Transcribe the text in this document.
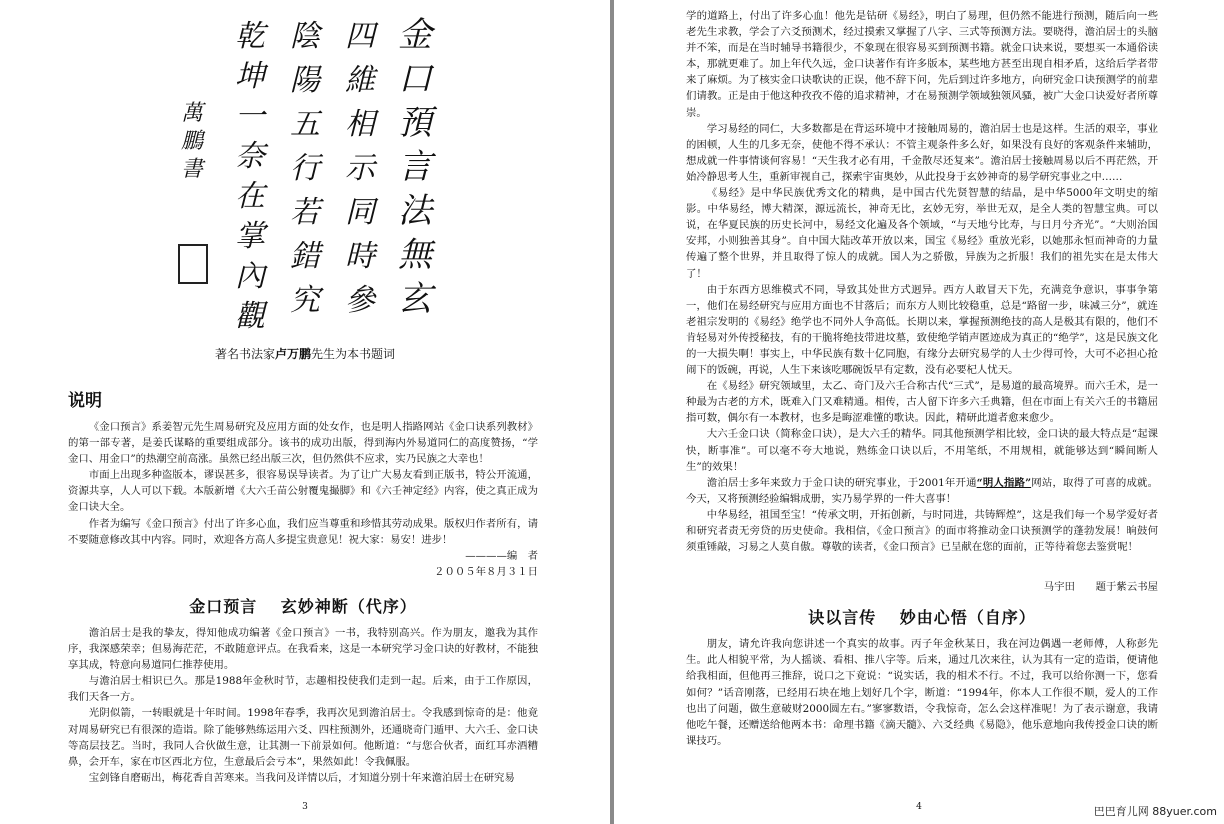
金
口
預
言
法
無
玄
四
維
相
示
同
時
參
陰
陽
五
行
若
錯
究
乾
坤
一
奈
在
掌
內
觀
萬
鵬
書
著名书法家卢万鹏先生为本书题词
说明

《金口预言》系姜智元先生周易研究及应用方面的处女作，也是明人指路网站《金口诀系列教材》的第一部专著，是姜氏谋略的重要组成部分。该书的成功出版，得到海内外易道同仁的高度赞扬，“学金口、用金口”的热潮空前高涨。虽然已经出版三次，但仍然供不应求，实乃民族之大幸也！

市面上出现多种盗版本，谬误甚多，很容易误导读者。为了让广大易友看到正版书，特公开流通，资源共享，人人可以下载。本版新增《大六壬苗公射覆鬼撮脚》和《六壬神定经》内容，使之真正成为金口诀大全。

作者为编写《金口预言》付出了许多心血，我们应当尊重和珍惜其劳动成果。版权归作者所有，请不要随意修改其中内容。同时，欢迎各方高人多提宝贵意见！祝大家：易安！进步！

————编　者

２００５年８月３１日

金口预言　 玄妙神断（代序）

澹泊居士是我的挚友，得知他成功编著《金口预言》一书，我特别高兴。作为朋友，邀我为其作序，我深感荣幸；但易海茫茫，不敢随意评点。在我看来，这是一本研究学习金口诀的好教材，不能独享其成，特意向易道同仁推荐使用。

与澹泊居士相识已久。那是1988年金秋时节，志趣相投使我们走到一起。后来，由于工作原因，我们天各一方。

光阴似箭，一转眼就是十年时间。1998年春季，我再次见到澹泊居士。令我感到惊奇的是：他竟对周易研究已有很深的造诣。除了能够熟练运用六爻、四柱预测外，还通晓奇门遁甲、大六壬、金口诀等高层技艺。当时，我同人合伙做生意，让其测一下前景如何。他断道：“与您合伙者，面红耳赤酒糟鼻，会开车，家在市区西北方位，生意最后会亏本”，果然如此！令我佩服。

宝剑锋自磨砺出，梅花香自苦寒来。当我问及详情以后，才知道分别十年来澹泊居士在研究易

3

学的道路上，付出了许多心血！他先是钻研《易经》，明白了易理，但仍然不能进行预测，随后向一些老先生求教，学会了六爻预测术，经过摸索又掌握了八字、三式等预测方法。要晓得，澹泊居士的头脑并不笨，而是在当时辅导书籍很少，不象现在很容易买到预测书籍。就金口诀来说，要想买一本通俗读本，那就更难了。加上年代久远，金口诀著作有许多版本，某些地方甚至出现自相矛盾，这给后学者带来了麻烦。为了核实金口诀歌诀的正误，他不辞下问，先后到过许多地方，向研究金口诀预测学的前辈们请教。正是由于他这种孜孜不倦的追求精神，才在易预测学领域独领风骚，被广大金口诀爱好者所尊崇。

学习易经的同仁，大多数都是在背运环境中才接触周易的，澹泊居士也是这样。生活的艰辛，事业的困顿，人生的几多无奈，使他不得不承认：不管主观条件多么好，如果没有良好的客观条件来辅助，想成就一件事情谈何容易！“天生我才必有用，千金散尽还复来”。澹泊居士接触周易以后不再茫然，开始冷静思考人生，重新审视自己，探索宇宙奥妙，从此投身于玄妙神奇的易学研究事业之中……

《易经》是中华民族优秀文化的精典，是中国古代先贤智慧的结晶，是中华5000年文明史的缩影。中华易经，博大精深，源远流长，神奇无比，玄妙无穷，举世无双，是全人类的智慧宝典。可以说，在华夏民族的历史长河中，易经文化遍及各个领域，“与天地兮比寿，与日月兮齐光”。“大则治国安邦，小则独善其身”。自中国大陆改革开放以来，国宝《易经》重放光彩，以她那永恒而神奇的力量传遍了整个世界，并且取得了惊人的成就。国人为之骄傲，异族为之折服！我们的祖先实在是太伟大了！

由于东西方思维模式不同，导致其处世方式迥异。西方人敢冒天下先，充满竞争意识，事事争第一，他们在易经研究与应用方面也不甘落后；而东方人则比较稳重，总是“路留一步，味减三分”，就连老祖宗发明的《易经》绝学也不同外人争高低。长期以来，掌握预测绝技的高人是极其有限的，他们不肯轻易对外传授秘技，有的干脆将绝技带进坟墓，致使绝学销声匿迹成为真正的“绝学”，这是民族文化的一大损失啊！事实上，中华民族有数十亿同胞，有缘分去研究易学的人士少得可怜，大可不必担心抢闹下的饭碗，再说，人生下来该吃哪碗饭早有定数，没有必要杞人忧天。

在《易经》研究领域里，太乙、奇门及六壬合称古代“三式”，是易道的最高境界。而六壬术，是一种最为古老的方术，既难入门又难精通。相传，古人留下许多六壬典籍，但在市面上有关六壬的书籍屈指可数，偶尔有一本教材，也多是晦涩难懂的歌诀。因此，精研此道者愈来愈少。

大六壬金口诀（简称金口诀），是大六壬的精华。同其他预测学相比较，金口诀的最大特点是“起课快，断事准”。可以毫不夸大地说，熟练金口诀以后，不用笔纸，不用规相，就能够达到“瞬间断人生”的效果！

澹泊居士多年来致力于金口诀的研究事业，于2001年开通“明人指路”网站，取得了可喜的成就。今天，又将预测经验编辑成册，实乃易学界的一件大喜事！

中华易经，祖国至宝！“传承文明，开拓创新，与时同进，共铸辉煌”，这是我们每一个易学爱好者和研究者责无旁贷的历史使命。我相信，《金口预言》的面市将推动金口诀预测学的蓬勃发展！晌鼓何须重锤敲，习易之人莫自傲。尊敬的读者，《金口预言》已呈献在您的面前，正等待着您去鉴赏呢！

马宇田　　题于紫云书屋

诀以言传　 妙由心悟（自序）

朋友，请允许我向您讲述一个真实的故事。丙子年金秋某日，我在河边偶遇一老师傅，人称彭先生。此人相貌平常，为人摇谈、看相、推八字等。后来，通过几次来往，认为其有一定的造诣，便请他给我相面，但他再三推辞，说口之下竟说：“说实话，我的相术不行。不过，我可以给你测一下，您看如何？”话音刚落，已经用石块在地上划好几个字，断道：“1994年，你本人工作很不顺，爱人的工作也出了问题，做生意破财2000圆左右。”寥寥数语，令我惊奇，怎么会这样准呢！为了表示谢意，我请他吃午餐，还赠送给他两本书：命理书籍《滴天髓》、六爻经典《易隐》，他乐意地向我传授金口诀的断课技巧。

4	巴巴育儿网 88yuer.com
